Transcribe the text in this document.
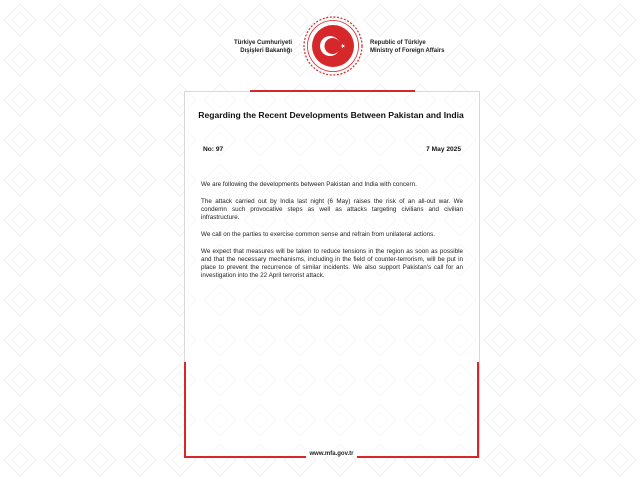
Türkiye Cumhuriyeti
Dışişleri Bakanlığı
Republic of Türkiye
Ministry of Foreign Affairs
Regarding the Recent Developments Between Pakistan and India
No: 97	7 May 2025

We are following the developments between Pakistan and India with concern.

The attack carried out by India last night (6 May) raises the risk of an all-out war. We condemn such provocative steps as well as attacks targeting civilians and civilian infrastructure.

We call on the parties to exercise common sense and refrain from unilateral actions.

We expect that measures will be taken to reduce tensions in the region as soon as possible and that the necessary mechanisms, including in the field of counter-terrorism, will be put in place to prevent the recurrence of similar incidents. We also support Pakistan's call for an investigation into the 22 April terrorist attack.

www.mfa.gov.tr
